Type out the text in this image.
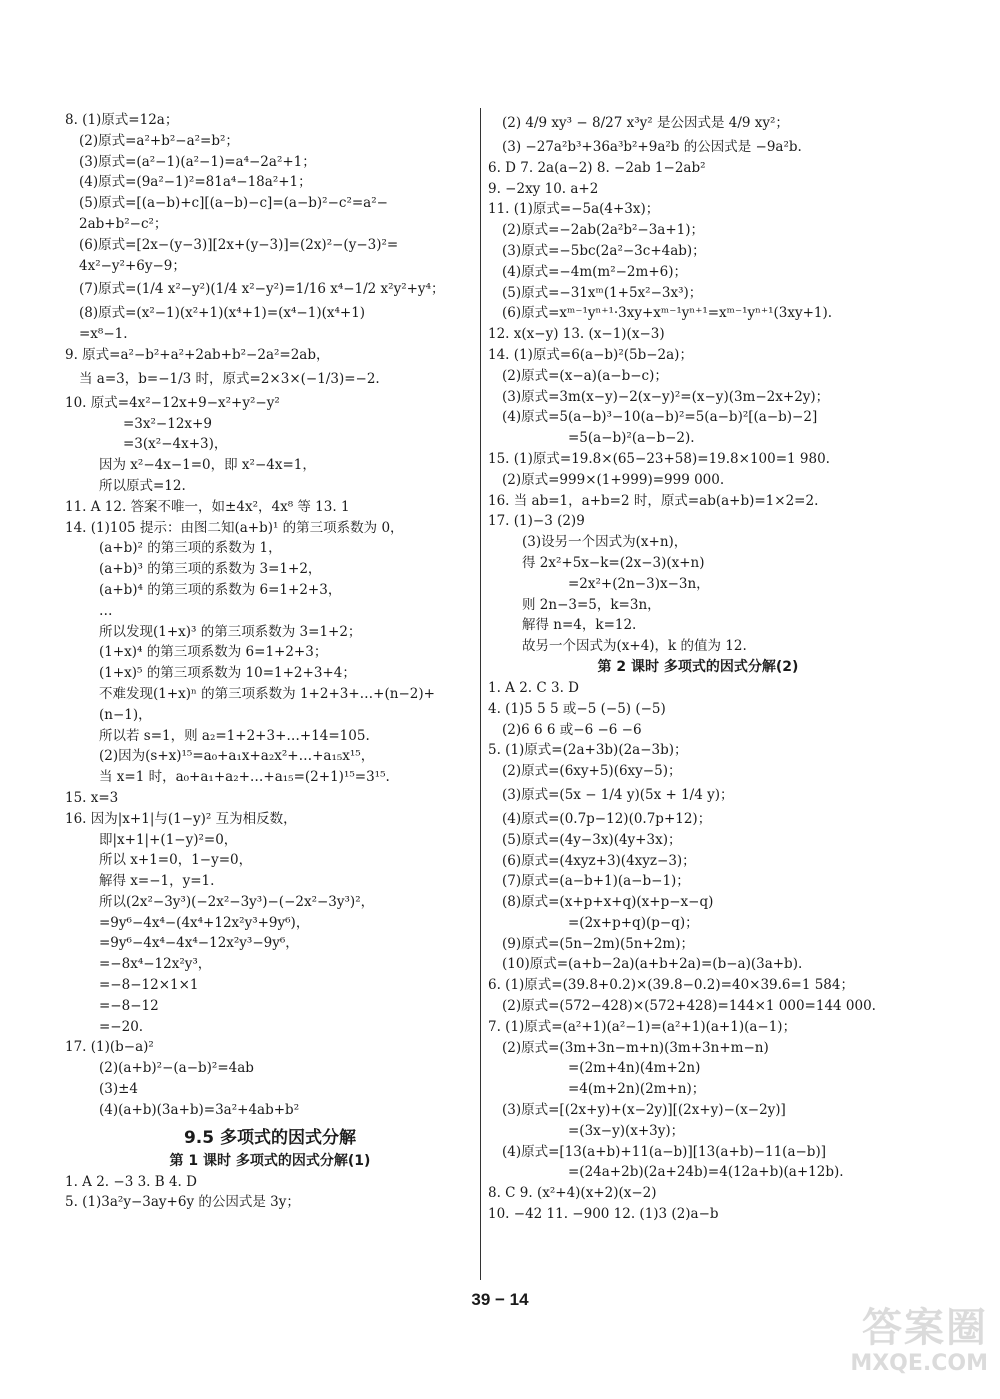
8. (1)原式=12a；
(2)原式=a²+b²−a²=b²；
(3)原式=(a²−1)(a²−1)=a⁴−2a²+1；
(4)原式=(9a²−1)²=81a⁴−18a²+1；
(5)原式=[(a−b)+c][(a−b)−c]=(a−b)²−c²=a²−
2ab+b²−c²；
(6)原式=[2x−(y−3)][2x+(y−3)]=(2x)²−(y−3)²=
4x²−y²+6y−9；
(7)原式=(1/4 x²−y²)(1/4 x²−y²)=1/16 x⁴−1/2 x²y²+y⁴；
(8)原式=(x²−1)(x²+1)(x⁴+1)=(x⁴−1)(x⁴+1)
=x⁸−1.
9. 原式=a²−b²+a²+2ab+b²−2a²=2ab，
当 a=3，b=−1/3 时，原式=2×3×(−1/3)=−2.
10. 原式=4x²−12x+9−x²+y²−y²
=3x²−12x+9
=3(x²−4x+3)，
因为 x²−4x−1=0，即 x²−4x=1，
所以原式=12.
11. A 12. 答案不唯一，如±4x²，4x⁸ 等 13. 1
14. (1)105 提示：由图二知(a+b)¹ 的第三项系数为 0，
(a+b)² 的第三项的系数为 1，
(a+b)³ 的第三项的系数为 3=1+2，
(a+b)⁴ 的第三项的系数为 6=1+2+3，
…
所以发现(1+x)³ 的第三项系数为 3=1+2；
(1+x)⁴ 的第三项系数为 6=1+2+3；
(1+x)⁵ 的第三项系数为 10=1+2+3+4；
不难发现(1+x)ⁿ 的第三项系数为 1+2+3+…+(n−2)+
(n−1)，
所以若 s=1，则 a₂=1+2+3+…+14=105.
(2)因为(s+x)¹⁵=a₀+a₁x+a₂x²+…+a₁₅x¹⁵，
当 x=1 时，a₀+a₁+a₂+…+a₁₅=(2+1)¹⁵=3¹⁵.
15. x=3
16. 因为|x+1|与(1−y)² 互为相反数，
即|x+1|+(1−y)²=0，
所以 x+1=0，1−y=0，
解得 x=−1，y=1.
所以(2x²−3y³)(−2x²−3y³)−(−2x²−3y³)²，
=9y⁶−4x⁴−(4x⁴+12x²y³+9y⁶)，
=9y⁶−4x⁴−4x⁴−12x²y³−9y⁶，
=−8x⁴−12x²y³，
=−8−12×1×1
=−8−12
=−20.
17. (1)(b−a)²
(2)(a+b)²−(a−b)²=4ab
(3)±4
(4)(a+b)(3a+b)=3a²+4ab+b²
9.5 多项式的因式分解
第 1 课时 多项式的因式分解(1)
1. A 2. −3 3. B 4. D
5. (1)3a²y−3ay+6y 的公因式是 3y；
(2) 4/9 xy³ − 8/27 x³y² 是公因式是 4/9 xy²；
(3) −27a²b³+36a³b²+9a²b 的公因式是 −9a²b.
6. D 7. 2a(a−2) 8. −2ab 1−2ab²
9. −2xy 10. a+2
11. (1)原式=−5a(4+3x)；
(2)原式=−2ab(2a²b²−3a+1)；
(3)原式=−5bc(2a²−3c+4ab)；
(4)原式=−4m(m²−2m+6)；
(5)原式=−31xᵐ(1+5x²−3x³)；
(6)原式=xᵐ⁻¹yⁿ⁺¹·3xy+xᵐ⁻¹yⁿ⁺¹=xᵐ⁻¹yⁿ⁺¹(3xy+1).
12. x(x−y) 13. (x−1)(x−3)
14. (1)原式=6(a−b)²(5b−2a)；
(2)原式=(x−a)(a−b−c)；
(3)原式=3m(x−y)−2(x−y)²=(x−y)(3m−2x+2y)；
(4)原式=5(a−b)³−10(a−b)²=5(a−b)²[(a−b)−2]
=5(a−b)²(a−b−2).
15. (1)原式=19.8×(65−23+58)=19.8×100=1 980.
(2)原式=999×(1+999)=999 000.
16. 当 ab=1，a+b=2 时，原式=ab(a+b)=1×2=2.
17. (1)−3 (2)9
(3)设另一个因式为(x+n)，
得 2x²+5x−k=(2x−3)(x+n)
=2x²+(2n−3)x−3n，
则 2n−3=5，k=3n，
解得 n=4，k=12.
故另一个因式为(x+4)，k 的值为 12.
第 2 课时 多项式的因式分解(2)
1. A 2. C 3. D
4. (1)5 5 5 或−5 (−5) (−5)
(2)6 6 6 或−6 −6 −6
5. (1)原式=(2a+3b)(2a−3b)；
(2)原式=(6xy+5)(6xy−5)；
(3)原式=(5x − 1/4 y)(5x + 1/4 y)；
(4)原式=(0.7p−12)(0.7p+12)；
(5)原式=(4y−3x)(4y+3x)；
(6)原式=(4xyz+3)(4xyz−3)；
(7)原式=(a−b+1)(a−b−1)；
(8)原式=(x+p+x+q)(x+p−x−q)
=(2x+p+q)(p−q)；
(9)原式=(5n−2m)(5n+2m)；
(10)原式=(a+b−2a)(a+b+2a)=(b−a)(3a+b).
6. (1)原式=(39.8+0.2)×(39.8−0.2)=40×39.6=1 584；
(2)原式=(572−428)×(572+428)=144×1 000=144 000.
7. (1)原式=(a²+1)(a²−1)=(a²+1)(a+1)(a−1)；
(2)原式=(3m+3n−m+n)(3m+3n+m−n)
=(2m+4n)(4m+2n)
=4(m+2n)(2m+n)；
(3)原式=[(2x+y)+(x−2y)][(2x+y)−(x−2y)]
=(3x−y)(x+3y)；
(4)原式=[13(a+b)+11(a−b)][13(a+b)−11(a−b)]
=(24a+2b)(2a+24b)=4(12a+b)(a+12b).
8. C 9. (x²+4)(x+2)(x−2)
10. −42 11. −900 12. (1)3 (2)a−b
39 − 14
答案圈
MXQE.COM
